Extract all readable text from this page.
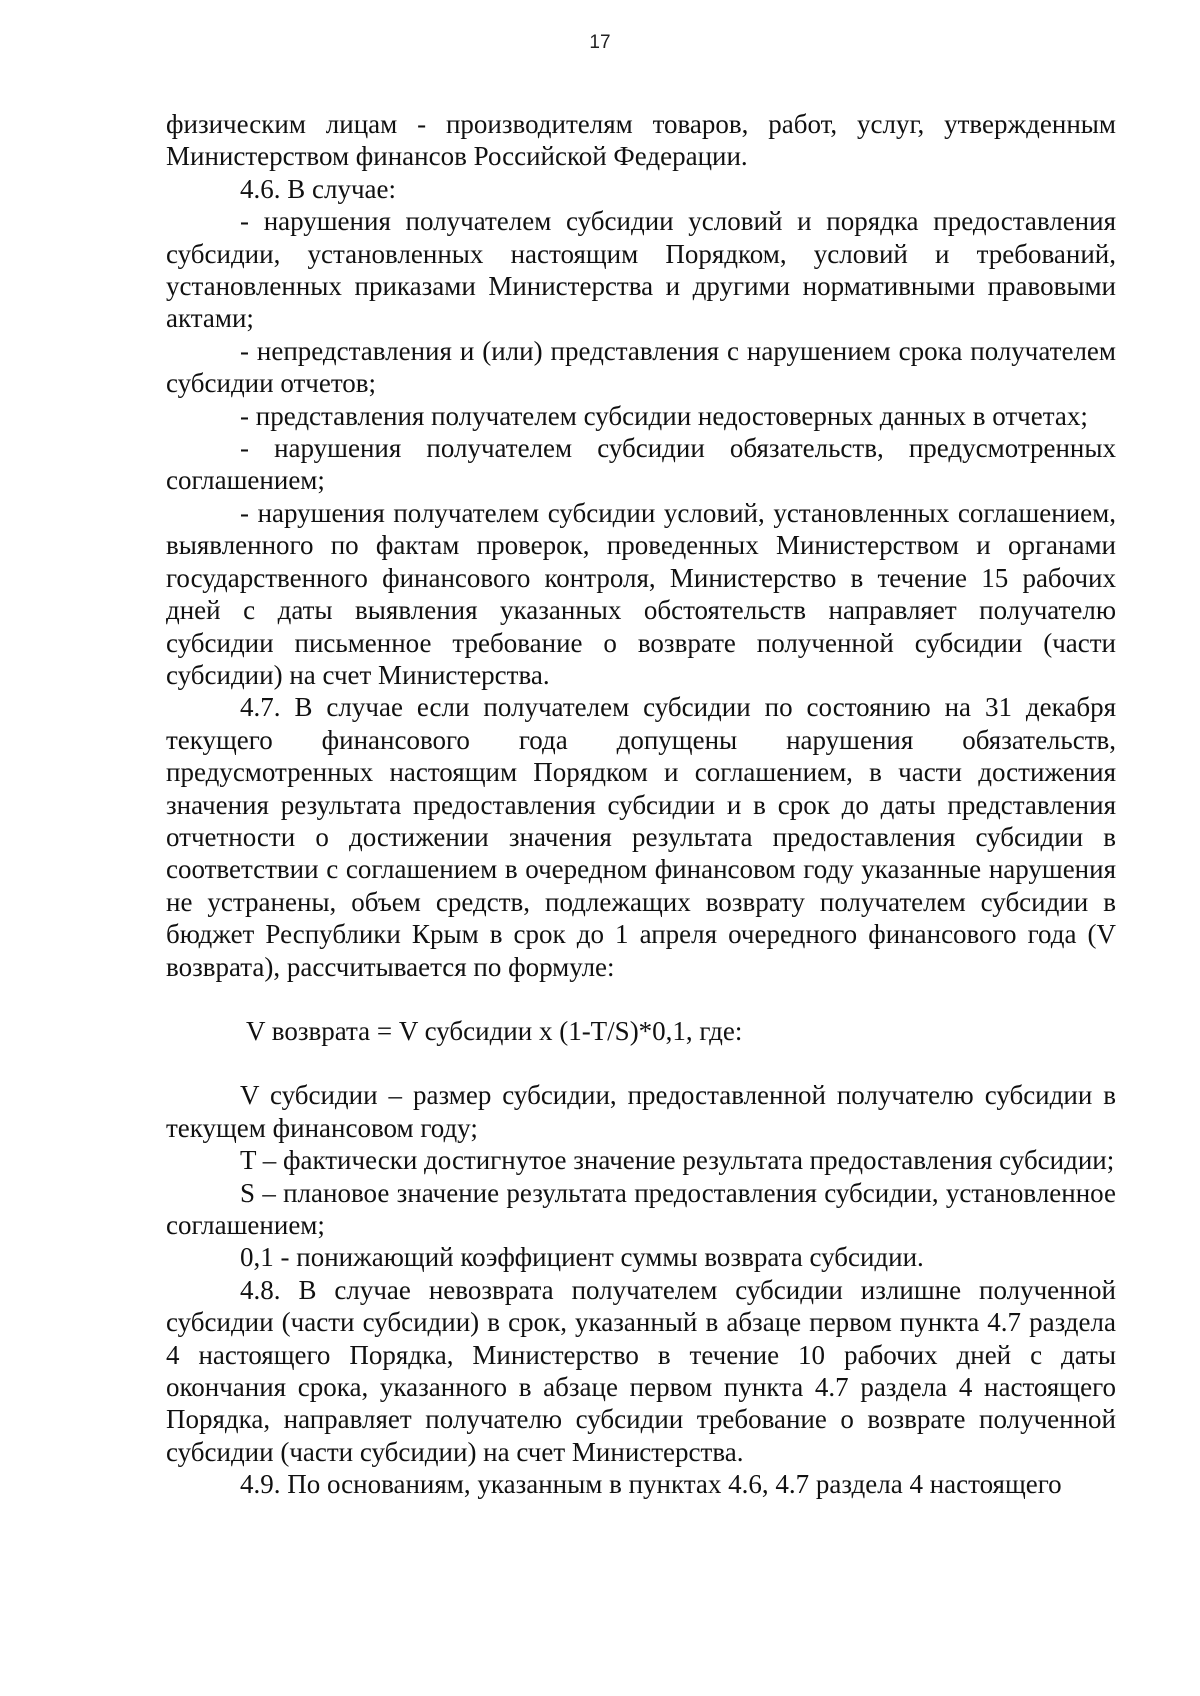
17

физическим лицам - производителям товаров, работ, услуг, утвержденным Министерством финансов Российской Федерации.

4.6. В случае:

- нарушения получателем субсидии условий и порядка предоставления субсидии, установленных настоящим Порядком, условий и требований, установленных приказами Министерства и другими нормативными правовыми актами;

- непредставления и (или) представления с нарушением срока получателем субсидии отчетов;

- представления получателем субсидии недостоверных данных в отчетах;

- нарушения получателем субсидии обязательств, предусмотренных соглашением;

- нарушения получателем субсидии условий, установленных соглашением, выявленного по фактам проверок, проведенных Министерством и органами государственного финансового контроля, Министерство в течение 15 рабочих дней с даты выявления указанных обстоятельств направляет получателю субсидии письменное требование о возврате полученной субсидии (части субсидии) на счет Министерства.

4.7. В случае если получателем субсидии по состоянию на 31 декабря текущего финансового года допущены нарушения обязательств, предусмотренных настоящим Порядком и соглашением, в части достижения значения результата предоставления субсидии и в срок до даты представления отчетности о достижении значения результата предоставления субсидии в соответствии с соглашением в очередном финансовом году указанные нарушения не устранены, объем средств, подлежащих возврату получателем субсидии в бюджет Республики Крым в срок до 1 апреля очередного финансового года (V возврата), рассчитывается по формуле:

V возврата = V субсидии x (1-T/S)*0,1, где:

V субсидии – размер субсидии, предоставленной получателю субсидии в текущем финансовом году;

T – фактически достигнутое значение результата предоставления субсидии;

S – плановое значение результата предоставления субсидии, установленное соглашением;

0,1 - понижающий коэффициент суммы возврата субсидии.

4.8. В случае невозврата получателем субсидии излишне полученной субсидии (части субсидии) в срок, указанный в абзаце первом пункта 4.7 раздела 4 настоящего Порядка, Министерство в течение 10 рабочих дней с даты окончания срока, указанного в абзаце первом пункта 4.7 раздела 4 настоящего Порядка, направляет получателю субсидии требование о возврате полученной субсидии (части субсидии) на счет Министерства.

4.9. По основаниям, указанным в пунктах 4.6, 4.7 раздела 4 настоящего
